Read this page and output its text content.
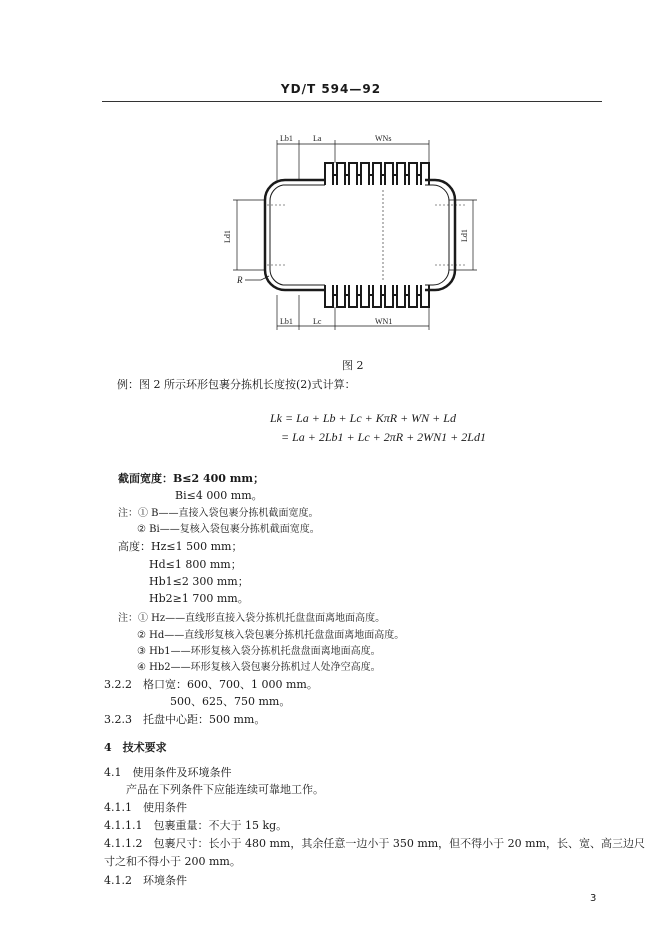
YD/T 594—92
Lb1	La	WNs
Ld1	Ld1
R
Lb1	Lc	WN1
图 2
例：图 2 所示环形包裹分拣机长度按(2)式计算：
Lk = La + Lb + Lc + KπR + WN + Ld
= La + 2Lb1 + Lc + 2πR + 2WN1 + 2Ld1
截面宽度：B≤2 400 mm；
Bi≤4 000 mm。
注：① B——直接入袋包裹分拣机截面宽度。
② Bi——复核入袋包裹分拣机截面宽度。
高度：Hz≤1 500 mm；
Hd≤1 800 mm；
Hb1≤2 300 mm；
Hb2≥1 700 mm。
注：① Hz——直线形直接入袋分拣机托盘盘面离地面高度。
② Hd——直线形复核入袋包裹分拣机托盘盘面离地面高度。
③ Hb1——环形复核入袋分拣机托盘盘面离地面高度。
④ Hb2——环形复核入袋包裹分拣机过人处净空高度。
3.2.2　格口宽：600、700、1 000 mm。
500、625、750 mm。
3.2.3　托盘中心距：500 mm。
4　技术要求
4.1　使用条件及环境条件
产品在下列条件下应能连续可靠地工作。
4.1.1　使用条件
4.1.1.1　包裹重量：不大于 15 kg。
4.1.1.2　包裹尺寸：长小于 480 mm，其余任意一边小于 350 mm，但不得小于 20 mm，长、宽、高三边尺
寸之和不得小于 200 mm。
4.1.2　环境条件
3
